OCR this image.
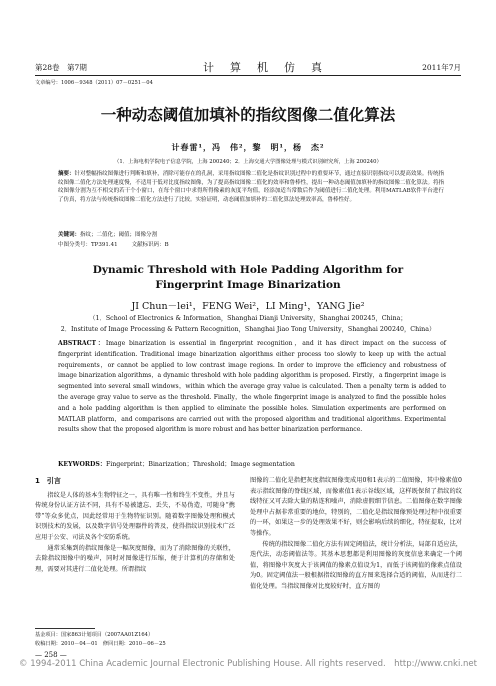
第28卷　第7期	计算机仿真	2011年7月
文章编号：1006－9348（2011）07－0251－04
一种动态阈值加填补的指纹图像二值化算法
计春雷¹，冯　伟²，黎　明¹，杨　杰²
（1．上海电机学院电子信息学院，上海 200240；2．上海交通大学图像处理与模式识别研究所，上海 200240）
摘要：针对整幅指纹图像进行判断和填补，消除可能存在的孔洞，采用指纹图像二值化是指纹识别过程中的重要环节，通过直接识别指纹可以提高效果。传统指纹图像二值化方法处理速度慢，不适用于低对比度指纹图像，为了提高指纹图像二值化的效率和鲁棒性，提出一种动态阈值加填补的指纹图像二值化算法。将指纹图像分割为互不相交的若干个小窗口，在每个窗口中求得所得像素的灰度平均值，经添加适当常数后作为阈值进行二值化处理。利用MATLAB软件平台进行了仿真，将方法与传统指纹图像二值化方法进行了比较。实验证明，动态阈值加填补的二值化算法处理效率高，鲁棒性好。
关键词：指纹；二值化；阈值；图像分割
中图分类号：TP391.41	文献标识码：B
Dynamic Threshold with Hole Padding Algorithm for
Fingerprint Image Binarization
JI Chun－lei¹，FENG Wei²，LI Ming¹，YANG Jie²
（1．School of Electronics & Information，Shanghai Dianji University，Shanghai 200245，China；
2．Institute of Image Processing & Pattern Recognition，Shanghai Jiao Tong University，Shanghai 200240，China）
ABSTRACT：Image binarization is essential in fingerprint recognition，and it has direct impact on the success of fingerprint identification. Traditional image binarization algorithms either process too slowly to keep up with the actual requirements，or cannot be applied to low contrast image regions. In order to improve the efficiency and robustness of image binarization algorithms，a dynamic threshold with hole padding algorithm is proposed. Firstly，a fingerprint image is segmented into several small windows，within which the average gray value is calculated. Then a penalty term is added to the average gray value to serve as the threshold. Finally，the whole fingerprint image is analyzed to find the possible holes and a hole padding algorithm is then applied to eliminate the possible holes. Simulation experiments are performed on MATLAB platform，and comparisons are carried out with the proposed algorithm and traditional algorithms. Experimental results show that the proposed algorithm is more robust and has better binarization performance.
KEYWORDS：Fingerprint；Binarization；Threshold；Image segmentation
1　引言

指纹是人体的基本生物特征之一，具有唯一性和终生不变性，并且与传统身份认证方法不同，具有不易被遗忘、丢失，不易伪造，可随身“携带”等众多优点，因此经常用于生物特征识别。随着数字图像处理和模式识别技术的发展，以及数字信号处理器件的普及，使得指纹识别技术广泛应用于公安、司法及各个安防系统。

通常采集到的指纹图像是一幅灰度图像，而为了消除图像的关联性，去除指纹图像中的噪声，同时对图像进行压缩，便于计算机的存储和处理，需要对其进行二值化处理。所谓指纹

图像的二值化是指把灰度指纹图像变成用0和1表示的二值图像，其中像素值0表示指纹图像的脊线区域，而像素值1表示谷线区域，这样既保留了指纹的纹线特征又可去除大量的粘连和噪声，消除虚假细节信息。二值图像在数字图像处理中占据非常重要的地位，特别的，二值化是指纹图像预处理过程中很重要的一环，如果这一步的处理效果不好，则会影响后续的细化，特征提取，比对等操作。

传统的指纹图像二值化方法有固定阈值法，统计分析法，局部自适应法，迭代法，动态阈值法等。其基本思想都是利用图像的灰度信息来确定一个阈值，将图像中灰度大于该阈值的像素点值设为1，而低于该阈值的像素点值设为0。固定阈值法一般根据指纹图像的直方图来选择合适的阈值，从而进行二值化处理。当指纹图像对比度较好时，直方图的

基金项目：国家863计划项目（2007AA01Z164）
收稿日期：2010－04－01　修回日期：2010－06－25
— 258 —
© 1994-2011 China Academic Journal Electronic Publishing House. All rights reserved.　http://www.cnki.net
